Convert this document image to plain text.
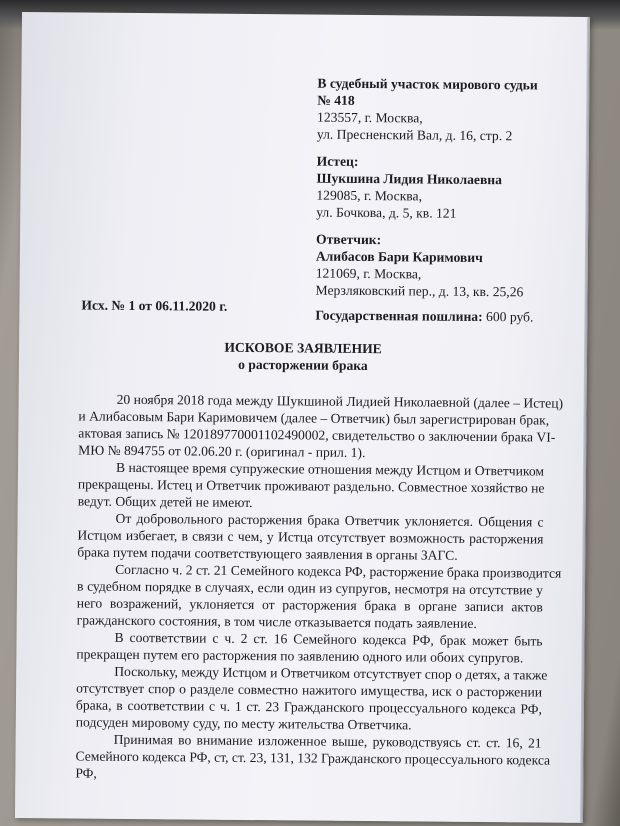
В судебный участок мирового судьи
№ 418
123557, г. Москва,
ул. Пресненский Вал, д. 16, стр. 2
Истец:
Шукшина Лидия Николаевна
129085, г. Москва,
ул. Бочкова, д. 5, кв. 121
Ответчик:
Алибасов Бари Каримович
121069, г. Москва,
Мерзляковский пер., д. 13, кв. 25,26
Исх. № 1 от 06.11.2020 г.
Государственная пошлина: 600 руб.
ИСКОВОЕ ЗАЯВЛЕНИЕ
о расторжении брака
20 ноября 2018 года между Шукшиной Лидией Николаевной (далее – Истец)
и Алибасовым Бари Каримовичем (далее – Ответчик) был зарегистрирован брак,
актовая запись № 120189770001102490002, свидетельство о заключении брака VI-
МЮ № 894755 от 02.06.20 г. (оригинал - прил. 1).
В настоящее время супружеские отношения между Истцом и Ответчиком
прекращены. Истец и Ответчик проживают раздельно. Совместное хозяйство не
ведут. Общих детей не имеют.
От добровольного расторжения брака Ответчик уклоняется. Общения с
Истцом избегает, в связи с чем, у Истца отсутствует возможность расторжения
брака путем подачи соответствующего заявления в органы ЗАГС.
Согласно ч. 2 ст. 21 Семейного кодекса РФ, расторжение брака производится
в судебном порядке в случаях, если один из супругов, несмотря на отсутствие у
него возражений, уклоняется от расторжения брака в органе записи актов
гражданского состояния, в том числе отказывается подать заявление.
В соответствии с ч. 2 ст. 16 Семейного кодекса РФ, брак может быть
прекращен путем его расторжения по заявлению одного или обоих супругов.
Поскольку, между Истцом и Ответчиком отсутствует спор о детях, а также
отсутствует спор о разделе совместно нажитого имущества, иск о расторжении
брака, в соответствии с ч. 1 ст. 23 Гражданского процессуального кодекса РФ,
подсуден мировому суду, по месту жительства Ответчика.
Принимая во внимание изложенное выше, руководствуясь ст. ст. 16, 21
Семейного кодекса РФ, ст, ст. 23, 131, 132 Гражданского процессуального кодекса
РФ,
